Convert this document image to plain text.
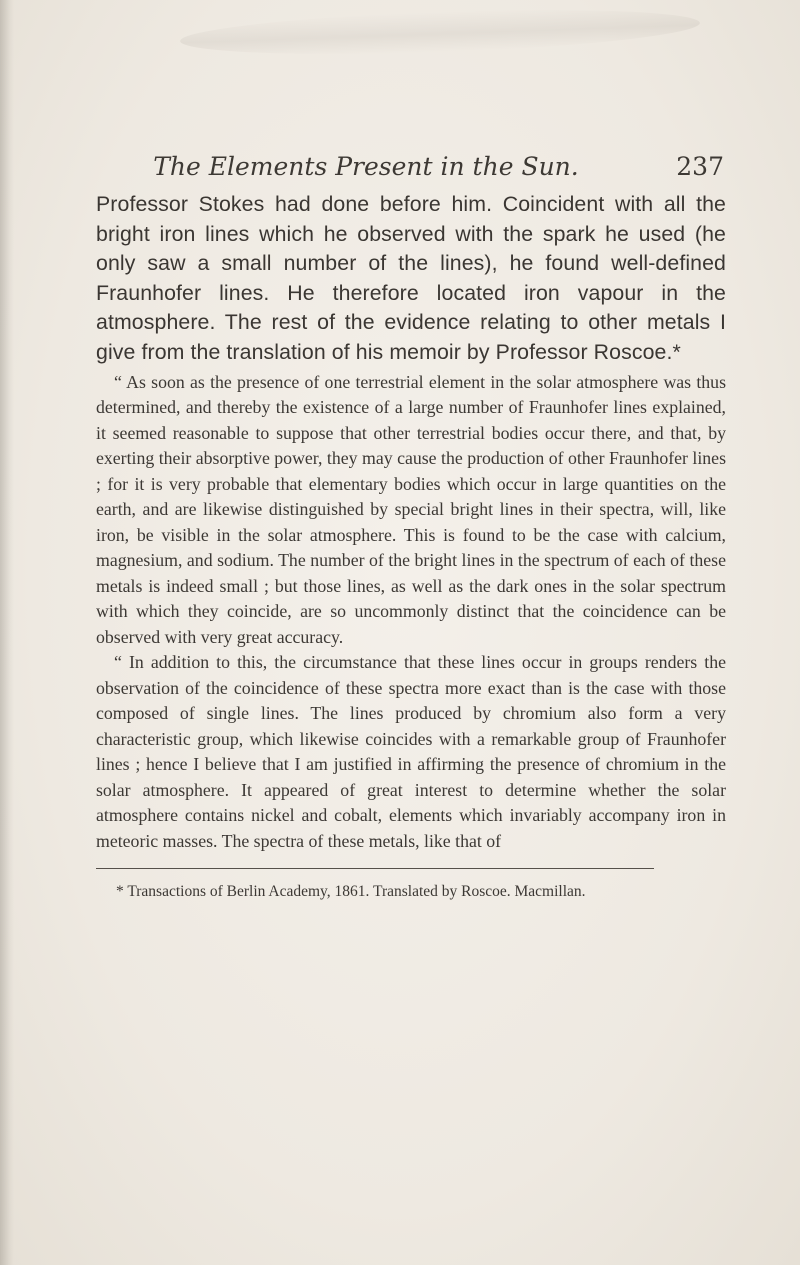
The Elements Present in the Sun.	237

Professor Stokes had done before him. Coincident with all the bright iron lines which he observed with the spark he used (he only saw a small number of the lines), he found well-defined Fraunhofer lines. He therefore located iron vapour in the atmosphere. The rest of the evidence relating to other metals I give from the translation of his memoir by Professor Roscoe.*

“ As soon as the presence of one terrestrial element in the solar atmosphere was thus determined, and thereby the existence of a large number of Fraunhofer lines explained, it seemed reasonable to suppose that other terrestrial bodies occur there, and that, by exerting their absorptive power, they may cause the production of other Fraunhofer lines ; for it is very probable that elementary bodies which occur in large quantities on the earth, and are likewise distinguished by special bright lines in their spectra, will, like iron, be visible in the solar atmosphere. This is found to be the case with calcium, magnesium, and sodium. The number of the bright lines in the spectrum of each of these metals is indeed small ; but those lines, as well as the dark ones in the solar spectrum with which they coincide, are so uncommonly distinct that the coincidence can be observed with very great accuracy.

“ In addition to this, the circumstance that these lines occur in groups renders the observation of the coincidence of these spectra more exact than is the case with those composed of single lines. The lines produced by chromium also form a very characteristic group, which likewise coincides with a remarkable group of Fraunhofer lines ; hence I believe that I am justified in affirming the presence of chromium in the solar atmosphere. It appeared of great interest to determine whether the solar atmosphere contains nickel and cobalt, elements which invariably accompany iron in meteoric masses. The spectra of these metals, like that of

* Transactions of Berlin Academy, 1861. Translated by Roscoe. Macmillan.
